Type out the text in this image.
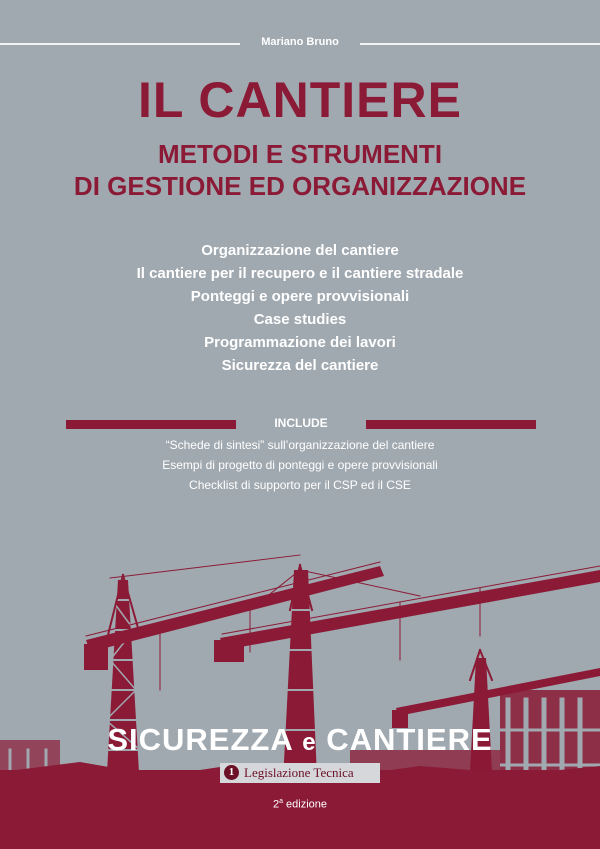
Mariano Bruno
IL CANTIERE
METODI E STRUMENTI
DI GESTIONE ED ORGANIZZAZIONE
Organizzazione del cantiere
Il cantiere per il recupero e il cantiere stradale
Ponteggi e opere provvisionali
Case studies
Programmazione dei lavori
Sicurezza del cantiere
INCLUDE
“Schede di sintesi” sull’organizzazione del cantiere
Esempi di progetto di ponteggi e opere provvisionali
Checklist di supporto per il CSP ed il CSE
SICUREZZA e CANTIERE
1 Legislazione Tecnica
2$^a$ edizione
